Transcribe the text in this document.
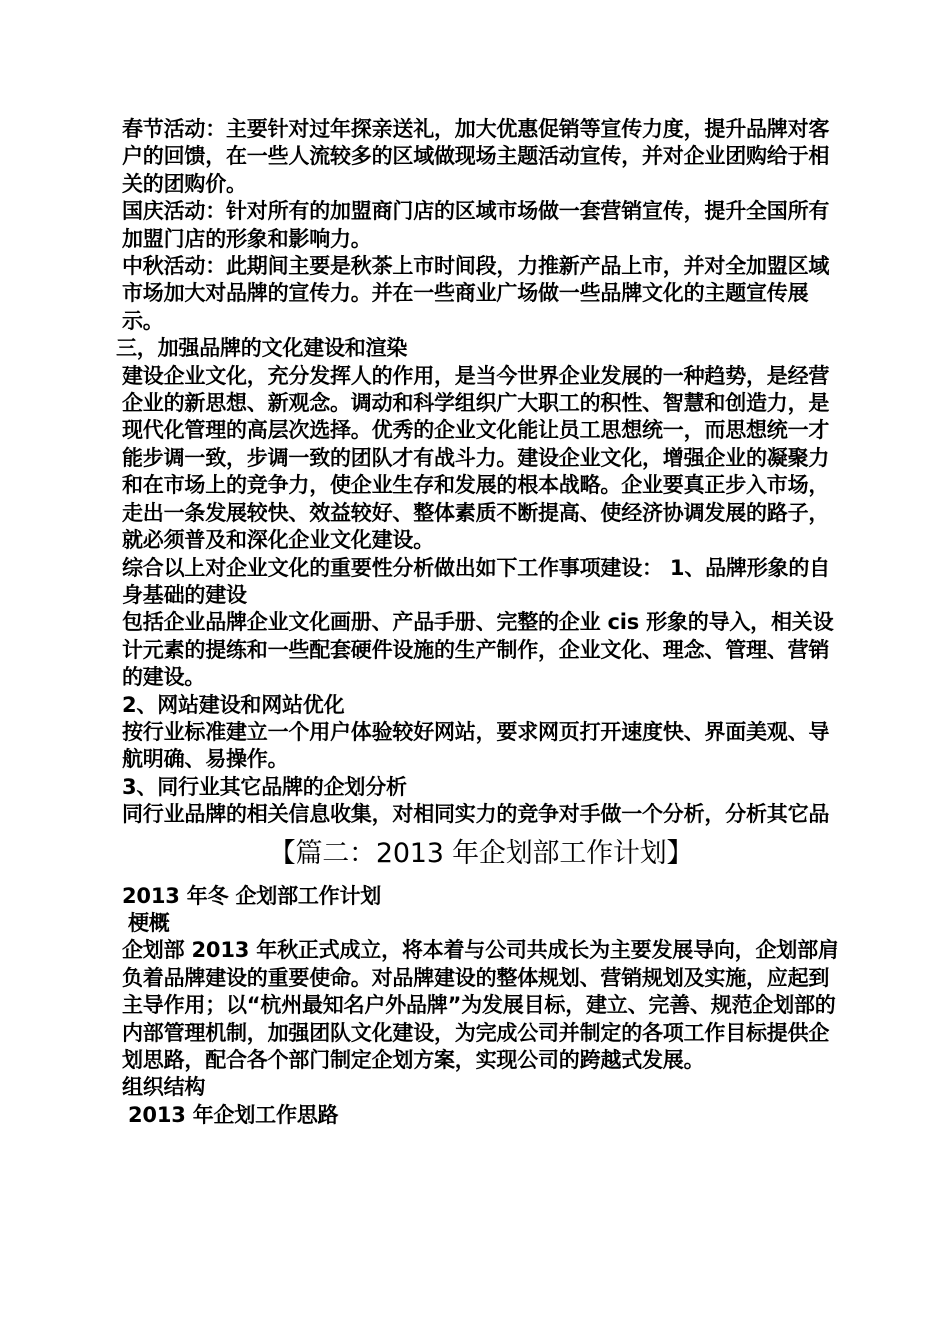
春节活动：主要针对过年探亲送礼，加大优惠促销等宣传力度，提升品牌对客户的回馈，在一些人流较多的区域做现场主题活动宣传，并对企业团购给于相关的团购价。

国庆活动：针对所有的加盟商门店的区域市场做一套营销宣传，提升全国所有加盟门店的形象和影响力。

中秋活动：此期间主要是秋茶上市时间段，力推新产品上市，并对全加盟区域市场加大对品牌的宣传力。并在一些商业广场做一些品牌文化的主题宣传展示。

三，加强品牌的文化建设和渲染

建设企业文化，充分发挥人的作用，是当今世界企业发展的一种趋势，是经营企业的新思想、新观念。调动和科学组织广大职工的积性、智慧和创造力，是现代化管理的高层次选择。优秀的企业文化能让员工思想统一，而思想统一才能步调一致，步调一致的团队才有战斗力。建设企业文化，增强企业的凝聚力和在市场上的竞争力，使企业生存和发展的根本战略。企业要真正步入市场，走出一条发展较快、效益较好、整体素质不断提高、使经济协调发展的路子，就必须普及和深化企业文化建设。

综合以上对企业文化的重要性分析做出如下工作事项建设： 1、品牌形象的自身基础的建设

包括企业品牌企业文化画册、产品手册、完整的企业 cis 形象的导入，相关设计元素的提练和一些配套硬件设施的生产制作，企业文化、理念、管理、营销的建设。

2、网站建设和网站优化

按行业标准建立一个用户体验较好网站，要求网页打开速度快、界面美观、导航明确、易操作。

3、同行业其它品牌的企划分析

同行业品牌的相关信息收集，对相同实力的竞争对手做一个分析，分析其它品

【篇二：2013 年企划部工作计划】

2013 年冬 企划部工作计划

梗概

企划部 2013 年秋正式成立，将本着与公司共成长为主要发展导向，企划部肩负着品牌建设的重要使命。对品牌建设的整体规划、营销规划及实施，应起到主导作用；以“杭州最知名户外品牌”为发展目标，建立、完善、规范企划部的内部管理机制，加强团队文化建设，为完成公司并制定的各项工作目标提供企划思路，配合各个部门制定企划方案，实现公司的跨越式发展。

组织结构

2013 年企划工作思路
